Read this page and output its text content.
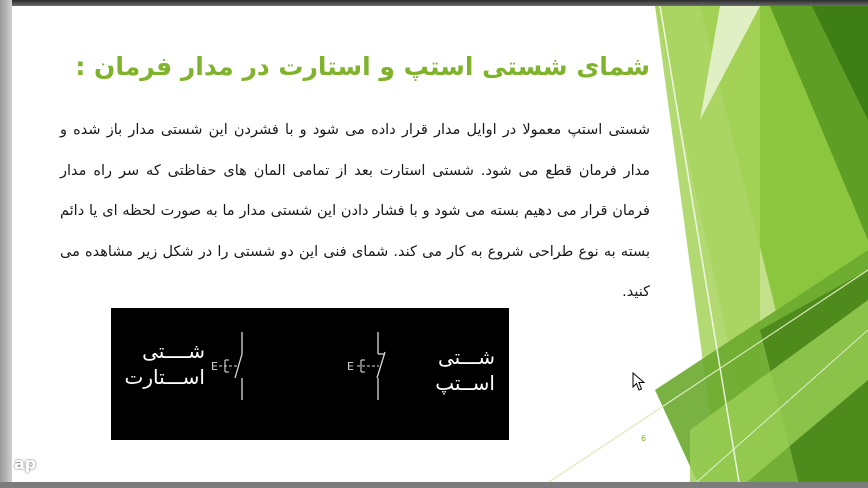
شمای شستی استپ و استارت در مدار فرمان :
شستی استپ معمولا در اوایل مدار قرار داده می شود و با فشردن این شستی مدار باز شده و مدار فرمان قطع می شود. شستی استارت بعد از تمامی المان های حفاظتی که سر راه مدار فرمان قرار می دهیم بسته می شود و با فشار دادن این شستی مدار ما به صورت لحظه ای یا دائم بسته به نوع طراحی شروع به کار می کند. شمای فنی این دو شستی را در شکل زیر مشاهده می کنید.
شــــتی
اســـتارت E	E	شـــتی
اســتپ
6
ap
